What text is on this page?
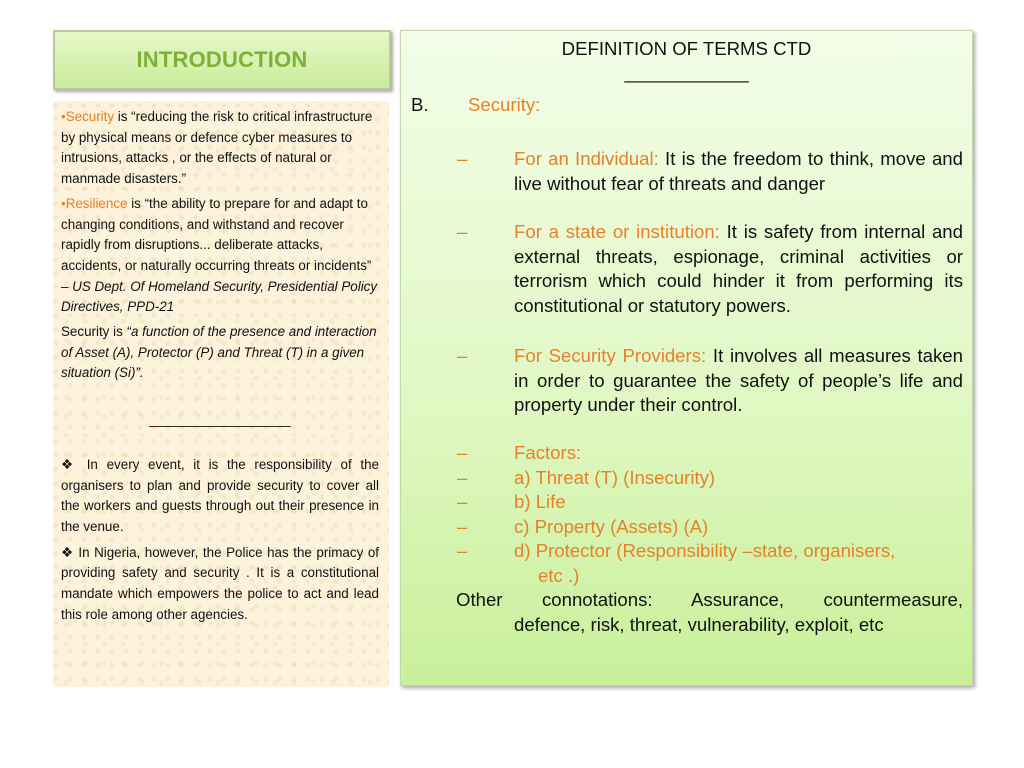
INTRODUCTION

•Security is “reducing the risk to critical infrastructure by physical means or defence cyber measures to intrusions, attacks , or the effects of natural or manmade disasters.”

•Resilience is “the ability to prepare for and adapt to changing conditions, and withstand and recover rapidly from disruptions... deliberate attacks, accidents, or naturally occurring threats or incidents” – US Dept. Of Homeland Security, Presidential Policy Directives, PPD-21

Security is “a function of the presence and interaction of Asset (A), Protector (P) and Threat (T) in a given situation (Si)”.

___________________

❖ In every event, it is the responsibility of the organisers to plan and provide security to cover all the workers and guests through out their presence in the venue.

❖ In Nigeria, however, the Police has the primacy of providing safety and security . It is a constitutional mandate which empowers the police to act and lead this role among other agencies.

DEFINITION OF TERMS CTD
____________
B. Security:
–	For an Individual: It is the freedom to think, move and live without fear of threats and danger
–	For a state or institution: It is safety from internal and external threats, espionage, criminal activities or terrorism which could hinder it from performing its constitutional or statutory powers.
–	For Security Providers: It involves all measures taken in order to guarantee the safety of people’s life and property under their control.
–	Factors:
–	a) Threat (T) (Insecurity)
–	b) Life
–	c) Property (Assets) (A)
–	d) Protector (Responsibility –state, organisers,
etc .)
Other connotations: Assurance, countermeasure,
defence, risk, threat, vulnerability, exploit, etc
